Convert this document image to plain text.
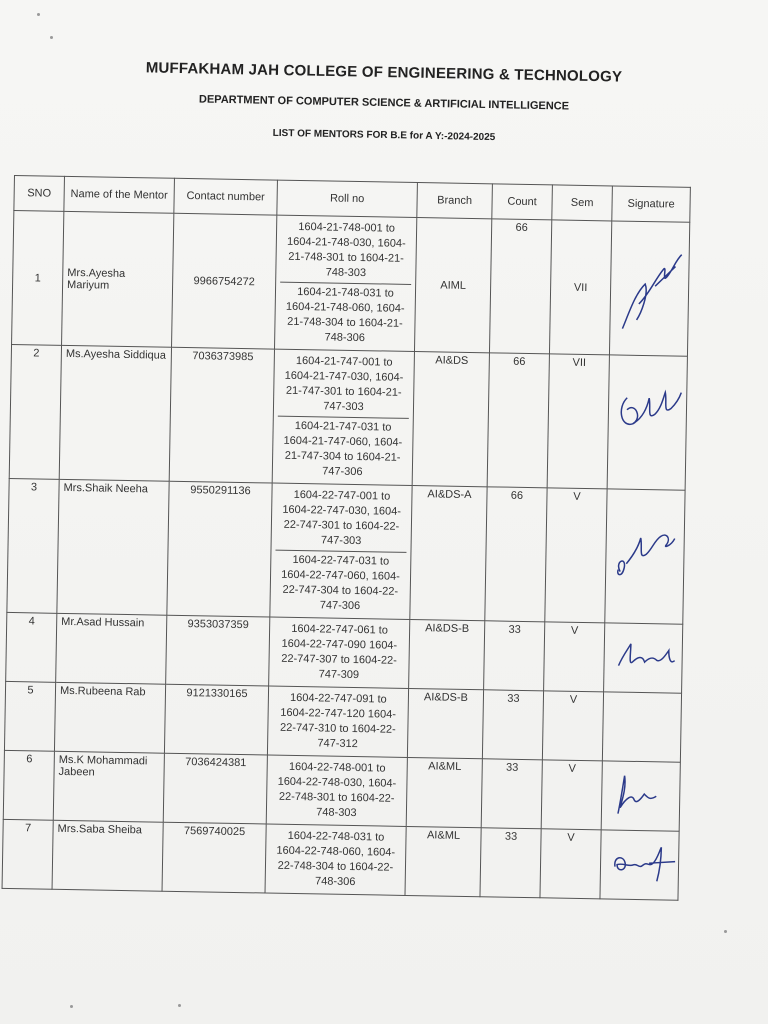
MUFFAKHAM JAH COLLEGE OF ENGINEERING & TECHNOLOGY
DEPARTMENT OF COMPUTER SCIENCE & ARTIFICIAL INTELLIGENCE
LIST OF MENTORS FOR B.E for A Y:-2024-2025
SNO	Name of the Mentor	Contact number	Roll no	Branch	Count	Sem	Signature
1	Mrs.Ayesha Mariyum	9966754272	1604-21-748-001 to 1604-21-748-030, 1604-21-748-301 to 1604-21-748-303
1604-21-748-031 to 1604-21-748-060, 1604-21-748-304 to 1604-21-748-306	AIML	66	VII	

2	Ms.Ayesha Siddiqua	7036373985	1604-21-747-001 to 1604-21-747-030, 1604-21-747-301 to 1604-21-747-303
1604-21-747-031 to 1604-21-747-060, 1604-21-747-304 to 1604-21-747-306	AI&DS	66	VII	

3	Mrs.Shaik Neeha	9550291136	1604-22-747-001 to 1604-22-747-030, 1604-22-747-301 to 1604-22-747-303
1604-22-747-031 to 1604-22-747-060, 1604-22-747-304 to 1604-22-747-306	AI&DS-A	66	V	

4	Mr.Asad Hussain	9353037359	1604-22-747-061 to 1604-22-747-090 1604-22-747-307 to 1604-22-747-309	AI&DS-B	33	V	

5	Ms.Rubeena Rab	9121330165	1604-22-747-091 to 1604-22-747-120 1604-22-747-310 to 1604-22-747-312	AI&DS-B	33	V	
6	Ms.K Mohammadi Jabeen	7036424381	1604-22-748-001 to 1604-22-748-030, 1604-22-748-301 to 1604-22-748-303	AI&ML	33	V	

7	Mrs.Saba Sheiba	7569740025	1604-22-748-031 to 1604-22-748-060, 1604-22-748-304 to 1604-22-748-306	AI&ML	33	V	
